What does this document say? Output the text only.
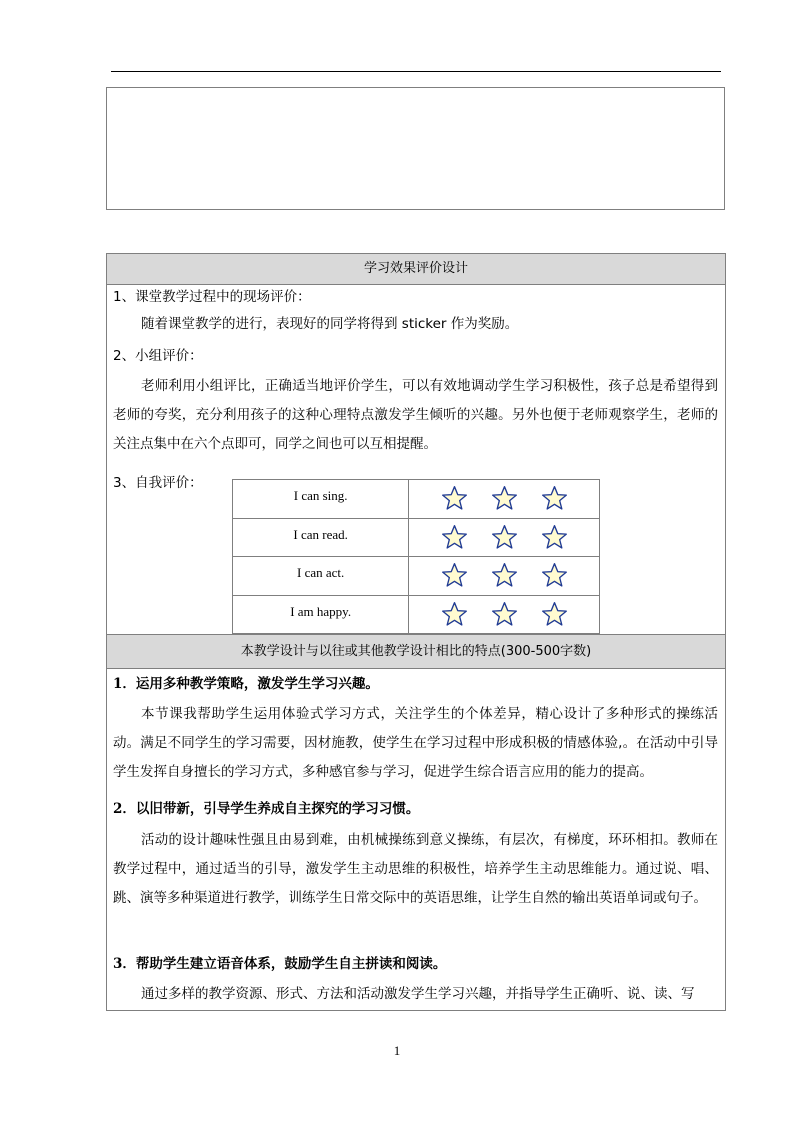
学习效果评价设计
1、课堂教学过程中的现场评价：
随着课堂教学的进行，表现好的同学将得到 sticker 作为奖励。
2、小组评价：
老师利用小组评比，正确适当地评价学生，可以有效地调动学生学习积极性，孩子总是希望得到老师的夸奖，充分利用孩子的这种心理特点激发学生倾听的兴趣。另外也便于老师观察学生，老师的关注点集中在六个点即可，同学之间也可以互相提醒。
3、自我评价：
I can sing.	

I can read.	

I can act.	

I am happy.	
本教学设计与以往或其他教学设计相比的特点(300-500字数)
1．运用多种教学策略，激发学生学习兴趣。
本节课我帮助学生运用体验式学习方式，关注学生的个体差异，精心设计了多种形式的操练活动。满足不同学生的学习需要，因材施教，使学生在学习过程中形成积极的情感体验,。在活动中引导学生发挥自身擅长的学习方式，多种感官参与学习，促进学生综合语言应用的能力的提高。
2．以旧带新，引导学生养成自主探究的学习习惯。
活动的设计趣味性强且由易到难，由机械操练到意义操练，有层次，有梯度，环环相扣。教师在教学过程中，通过适当的引导，激发学生主动思维的积极性，培养学生主动思维能力。通过说、唱、跳、演等多种渠道进行教学，训练学生日常交际中的英语思维，让学生自然的输出英语单词或句子。
3．帮助学生建立语音体系，鼓励学生自主拼读和阅读。
通过多样的教学资源、形式、方法和活动激发学生学习兴趣，并指导学生正确听、说、读、写
1
